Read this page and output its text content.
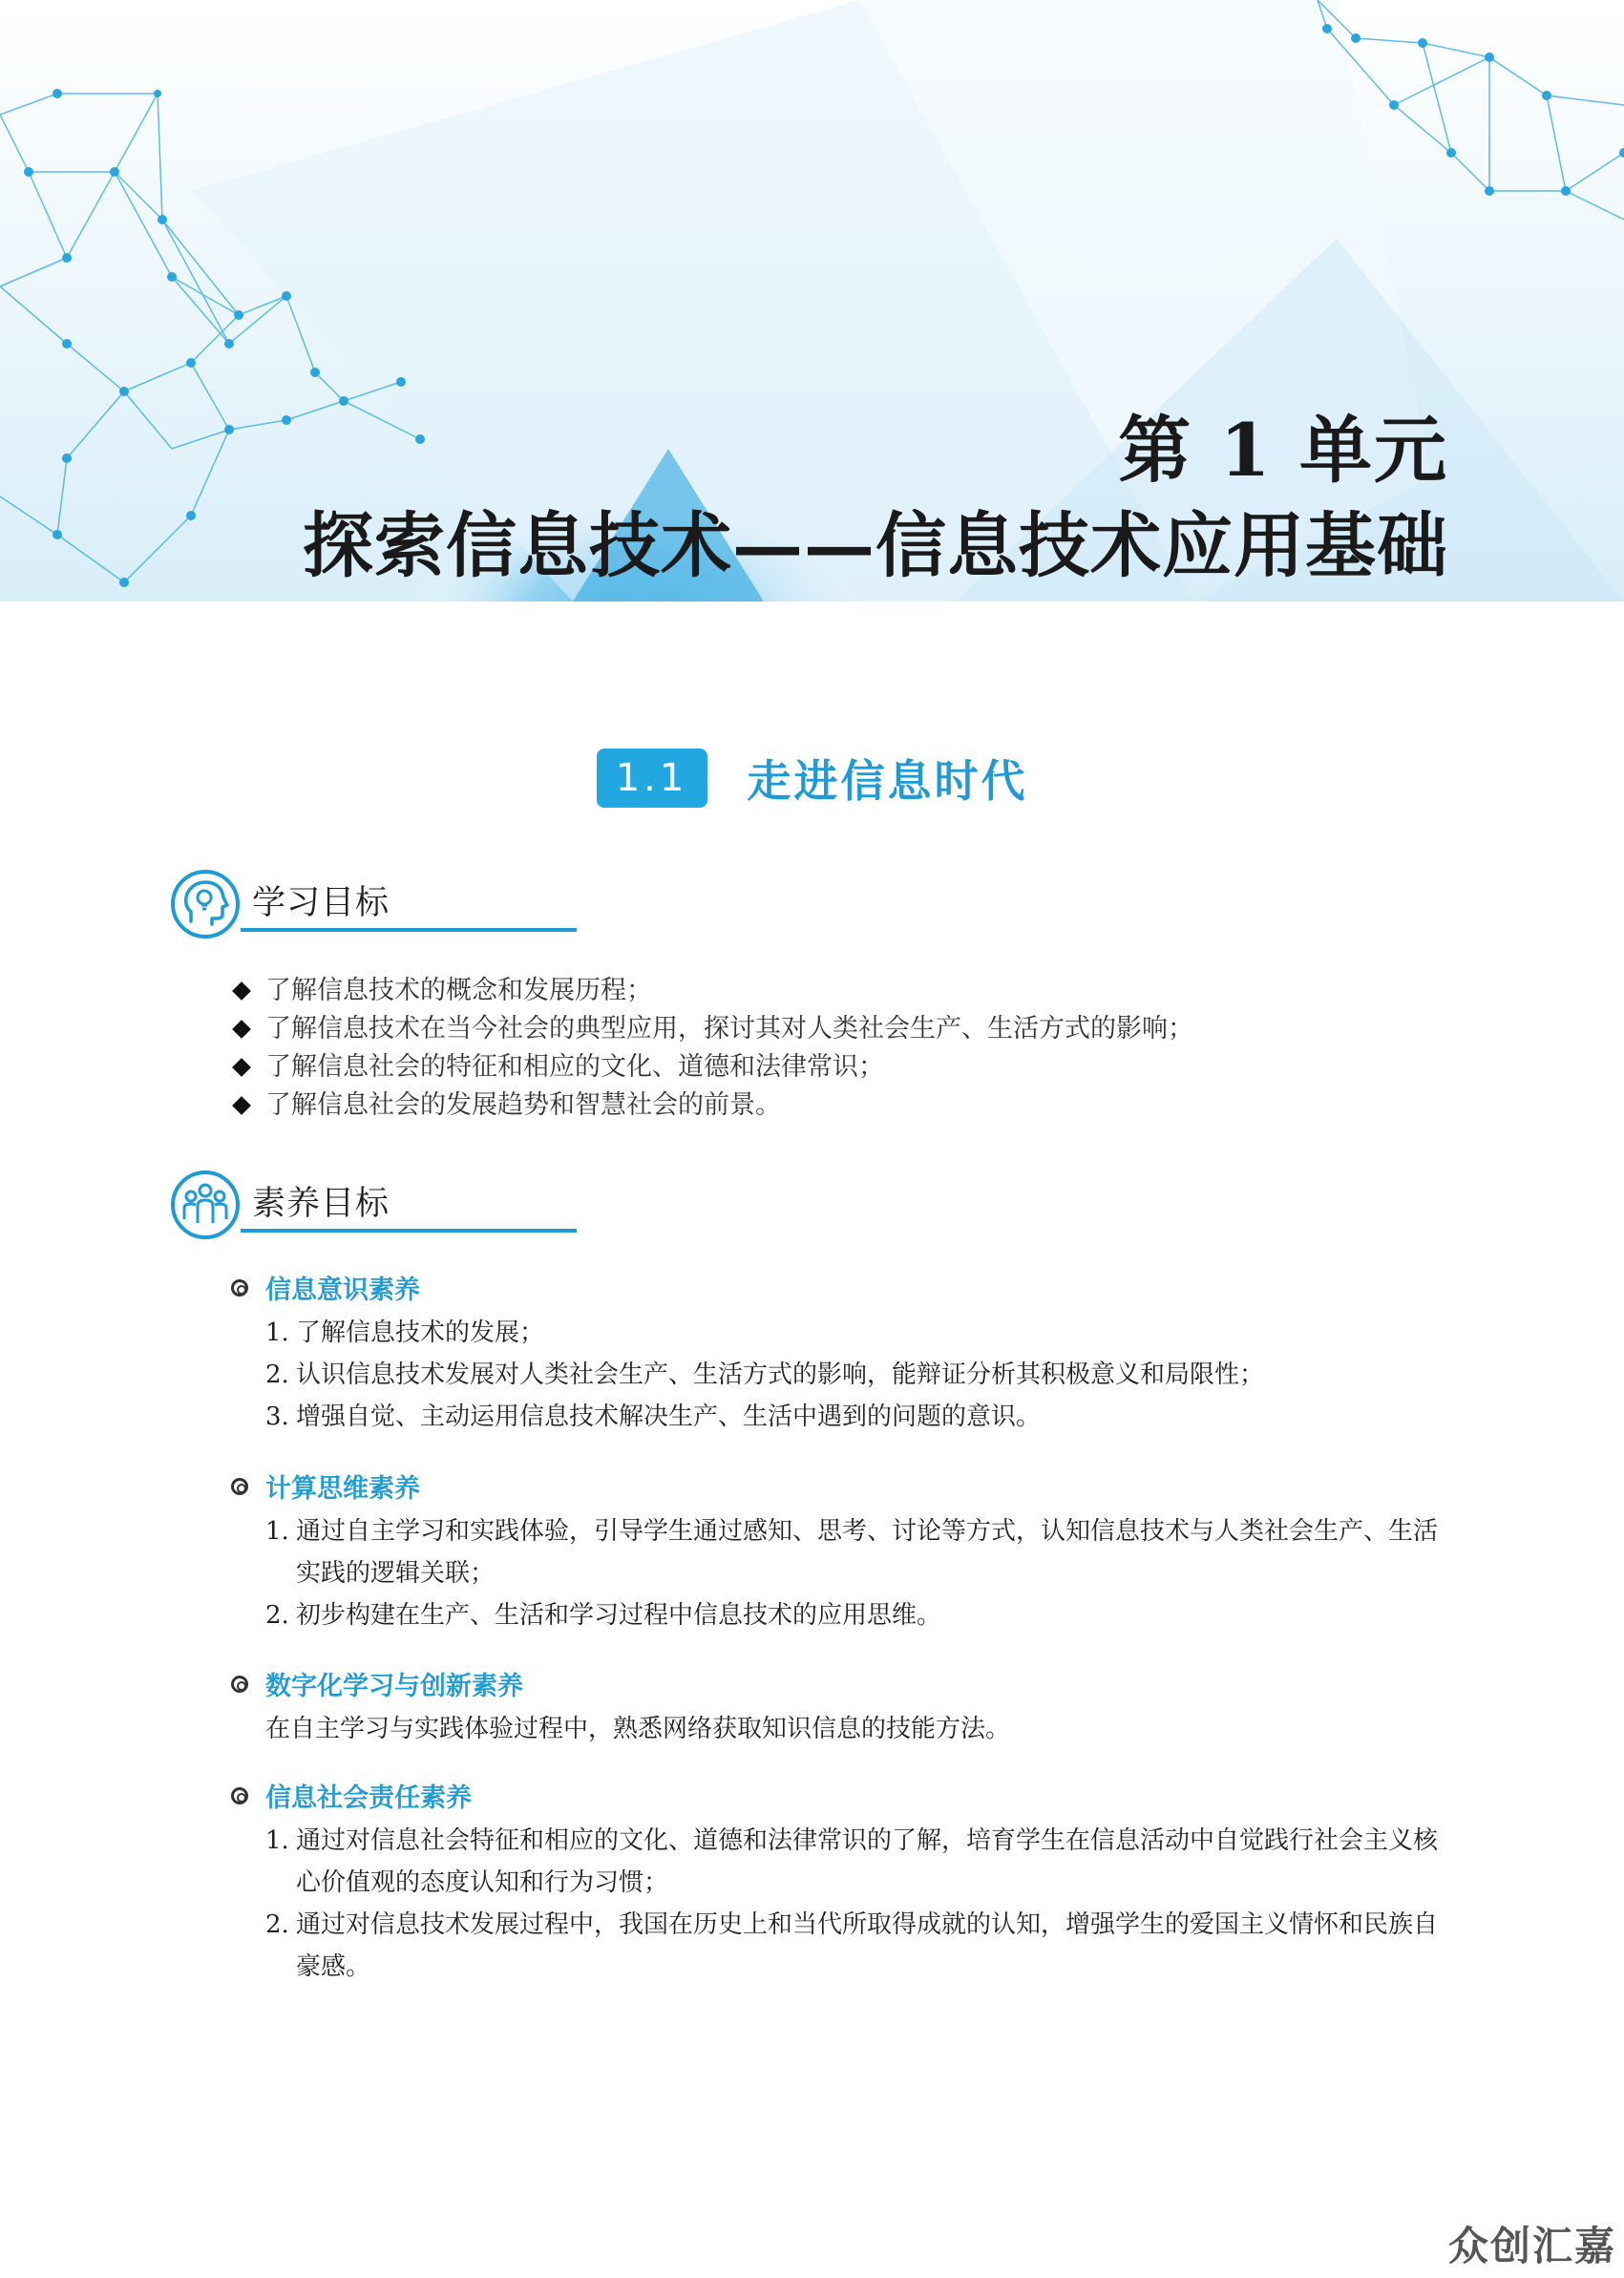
第 1 单元
探索信息技术——信息技术应用基础
1.1	走进信息时代
学习目标
了解信息技术的概念和发展历程；
了解信息技术在当今社会的典型应用，探讨其对人类社会生产、生活方式的影响；
了解信息社会的特征和相应的文化、道德和法律常识；
了解信息社会的发展趋势和智慧社会的前景。
素养目标
信息意识素养
1. 了解信息技术的发展；
2. 认识信息技术发展对人类社会生产、生活方式的影响，能辩证分析其积极意义和局限性；
3. 增强自觉、主动运用信息技术解决生产、生活中遇到的问题的意识。
计算思维素养
1. 通过自主学习和实践体验，引导学生通过感知、思考、讨论等方式，认知信息技术与人类社会生产、生活实践的逻辑关联；
2. 初步构建在生产、生活和学习过程中信息技术的应用思维。
数字化学习与创新素养
在自主学习与实践体验过程中，熟悉网络获取知识信息的技能方法。
信息社会责任素养
1. 通过对信息社会特征和相应的文化、道德和法律常识的了解，培育学生在信息活动中自觉践行社会主义核心价值观的态度认知和行为习惯；
2. 通过对信息技术发展过程中，我国在历史上和当代所取得成就的认知，增强学生的爱国主义情怀和民族自豪感。
众创汇嘉
